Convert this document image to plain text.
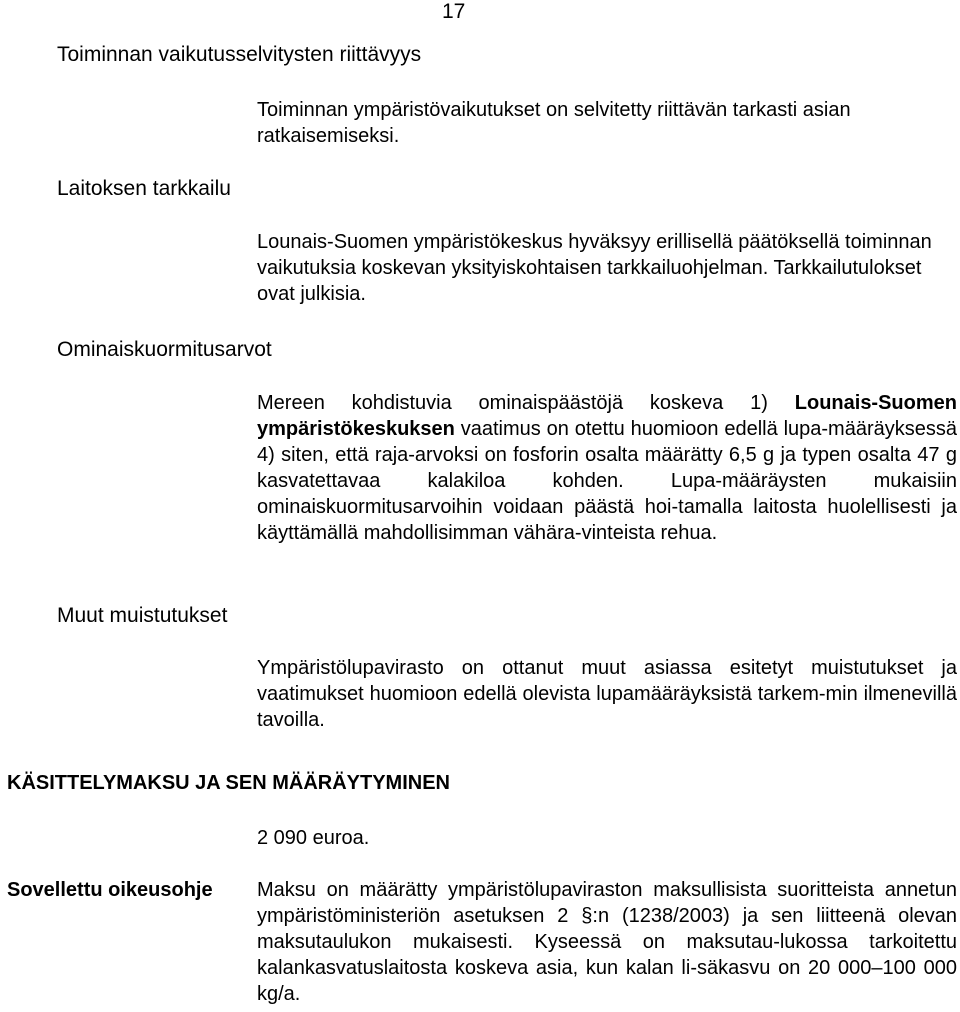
17
Toiminnan vaikutusselvitysten riittävyys

Toiminnan ympäristövaikutukset on selvitetty riittävän tarkasti asian ratkaisemiseksi.

Laitoksen tarkkailu

Lounais-Suomen ympäristökeskus hyväksyy erillisellä päätöksellä toiminnan vaikutuksia koskevan yksityiskohtaisen tarkkailuohjelman. Tarkkailutulokset ovat julkisia.

Ominaiskuormitusarvot

Mereen kohdistuvia ominaispäästöjä koskeva 1) Lounais-Suomen ympäristökeskuksen vaatimus on otettu huomioon edellä lupa-määräyksessä 4) siten, että raja-arvoksi on fosforin osalta määrätty 6,5 g ja typen osalta 47 g kasvatettavaa kalakiloa kohden. Lupa-määräysten mukaisiin ominaiskuormitusarvoihin voidaan päästä hoi-tamalla laitosta huolellisesti ja käyttämällä mahdollisimman vähära-vinteista rehua.

Muut muistutukset

Ympäristölupavirasto on ottanut muut asiassa esitetyt muistutukset ja vaatimukset huomioon edellä olevista lupamääräyksistä tarkem-min ilmenevillä tavoilla.

KÄSITTELYMAKSU JA SEN MÄÄRÄYTYMINEN

2 090 euroa.

Sovellettu oikeusohje Maksu on määrätty ympäristölupaviraston maksullisista suoritteista annetun ympäristöministeriön asetuksen 2 §:n (1238/2003) ja sen liitteenä olevan maksutaulukon mukaisesti. Kyseessä on maksutau-lukossa tarkoitettu kalankasvatuslaitosta koskeva asia, kun kalan li-säkasvu on 20 000–100 000 kg/a.
